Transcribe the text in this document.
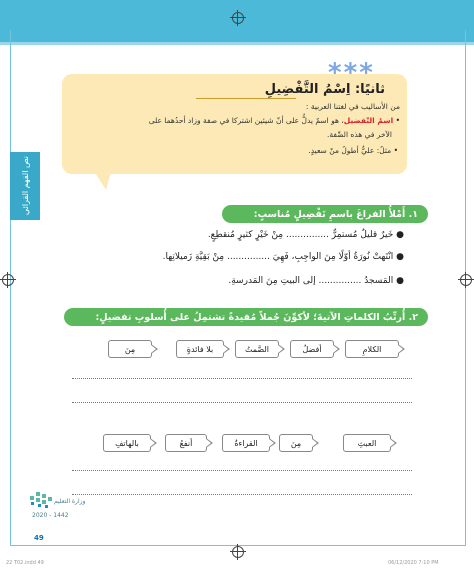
نص الفهم القرائي
***
ثانيًا: اِسْمُ التَّفْضِيلِ
من الأساليب في لغتنا العربية :
• اسمُ التّفضيل، هو اسمٌ يدلُّ على أنّ شيئين اشتركا في صفة وزاد أحدُهما على
الآخر في هذه الصِّفة.
• مثلٌ: عليٌّ أطولُ منْ سعيدٍ.
١. أَمْلأُ الفراغَ باسمِ تَفْضِيلٍ مُناسبٍ:
● خَيرٌ قليلٌ مُستمِرٌّ ............... مِنْ خَيْرٍ كثيرٍ مُنقطِعٍ.
● انْتَهتْ نُورَةُ أوّلًا مِنَ الواجِبِ، فَهِيَ ............... مِنْ بَقِيَّةِ زَميلاتِها.
● المَسجدُ ............... إلى البيتِ مِنَ المَدرسةِ.
٢. أُرتِّبُ الكلماتِ الآتيةَ؛ لأكوِّنَ جُملاً مُفيدةً تشتمِلُ على أُسلوبِ تفضيلٍ:
الكلامِ
أفضلُ
الصَّمتُ
بلا فائدةٍ
مِنَ
العبثِ
مِنَ
القراءةُ
أنفعُ
بالهاتفِ
وزارة التعليم
2020 - 1442
49
22 T02.indd 49	06/12/2020 7:10 PM
